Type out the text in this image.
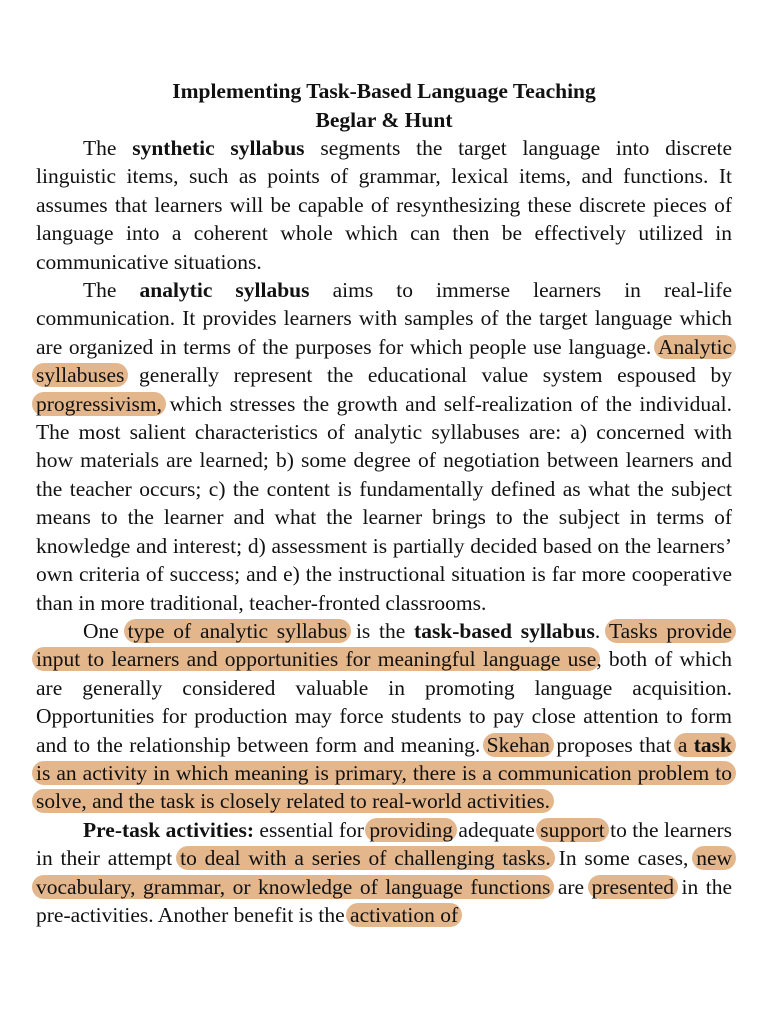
Implementing Task-Based Language Teaching
Beglar & Hunt

The synthetic syllabus segments the target language into discrete linguistic items, such as points of grammar, lexical items, and functions. It assumes that learners will be capable of resynthesizing these discrete pieces of language into a coherent whole which can then be effectively utilized in communicative situations.

The analytic syllabus aims to immerse learners in real-life communication. It provides learners with samples of the target language which are organized in terms of the purposes for which people use language. Analytic syllabuses generally represent the educational value system espoused by progressivism, which stresses the growth and self-realization of the individual. The most salient characteristics of analytic syllabuses are: a) concerned with how materials are learned; b) some degree of negotiation between learners and the teacher occurs; c) the content is fundamentally defined as what the subject means to the learner and what the learner brings to the subject in terms of knowledge and interest; d) assessment is partially decided based on the learners’ own criteria of success; and e) the instructional situation is far more cooperative than in more traditional, teacher-fronted classrooms.

One type of analytic syllabus is the task-based syllabus. Tasks provide input to learners and opportunities for meaningful language use, both of which are generally considered valuable in promoting language acquisition. Opportunities for production may force students to pay close attention to form and to the relationship between form and meaning. Skehan proposes that a task is an activity in which meaning is primary, there is a communication problem to solve, and the task is closely related to real-world activities.

Pre-task activities: essential for providing adequate support to the learners in their attempt to deal with a series of challenging tasks. In some cases, new vocabulary, grammar, or knowledge of language functions are presented in the pre-activities. Another benefit is the activation of
